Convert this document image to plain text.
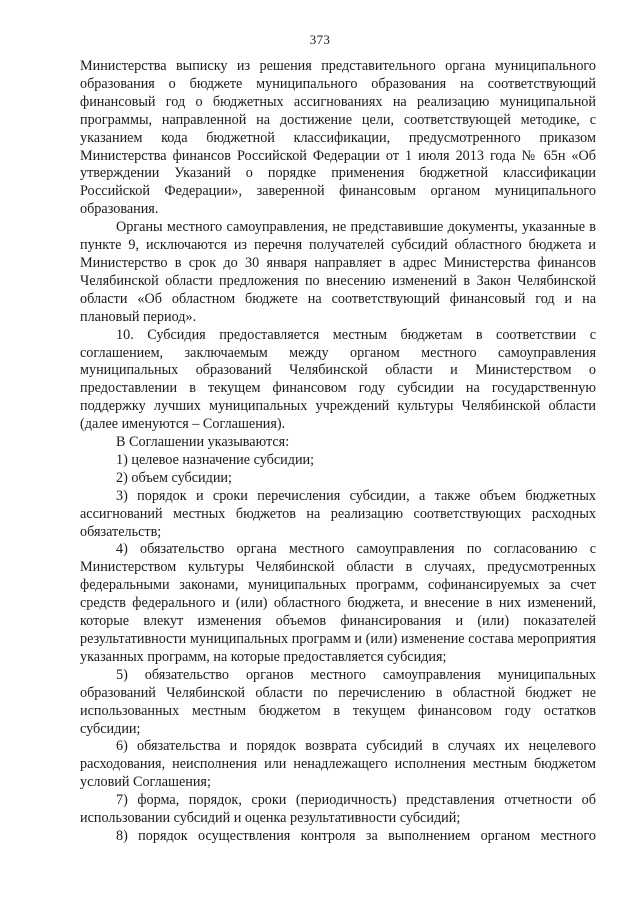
373

Министерства выписку из решения представительного органа муниципального образования о бюджете муниципального образования на соответствующий финансовый год о бюджетных ассигнованиях на реализацию муниципальной программы, направленной на достижение цели, соответствующей методике, с указанием кода бюджетной классификации, предусмотренного приказом Министерства финансов Российской Федерации от 1 июля 2013 года № 65н «Об утверждении Указаний о порядке применения бюджетной классификации Российской Федерации», заверенной финансовым органом муниципального образования.

Органы местного самоуправления, не представившие документы, указанные в пункте 9, исключаются из перечня получателей субсидий областного бюджета и Министерство в срок до 30 января направляет в адрес Министерства финансов Челябинской области предложения по внесению изменений в Закон Челябинской области «Об областном бюджете на соответствующий финансовый год и на плановый период».

10. Субсидия предоставляется местным бюджетам в соответствии с соглашением, заключаемым между органом местного самоуправления муниципальных образований Челябинской области и Министерством о предоставлении в текущем финансовом году субсидии на государственную поддержку лучших муниципальных учреждений культуры Челябинской области (далее именуются – Соглашения).

В Соглашении указываются:

1) целевое назначение субсидии;

2) объем субсидии;

3) порядок и сроки перечисления субсидии, а также объем бюджетных ассигнований местных бюджетов на реализацию соответствующих расходных обязательств;

4) обязательство органа местного самоуправления по согласованию с Министерством культуры Челябинской области в случаях, предусмотренных федеральными законами, муниципальных программ, софинансируемых за счет средств федерального и (или) областного бюджета, и внесение в них изменений, которые влекут изменения объемов финансирования и (или) показателей результативности муниципальных программ и (или) изменение состава мероприятия указанных программ, на которые предоставляется субсидия;

5) обязательство органов местного самоуправления муниципальных образований Челябинской области по перечислению в областной бюджет не использованных местным бюджетом в текущем финансовом году остатков субсидии;

6) обязательства и порядок возврата субсидий в случаях их нецелевого расходования, неисполнения или ненадлежащего исполнения местным бюджетом условий Соглашения;

7) форма, порядок, сроки (периодичность) представления отчетности об использовании субсидий и оценка результативности субсидий;

8) порядок осуществления контроля за выполнением органом местного
